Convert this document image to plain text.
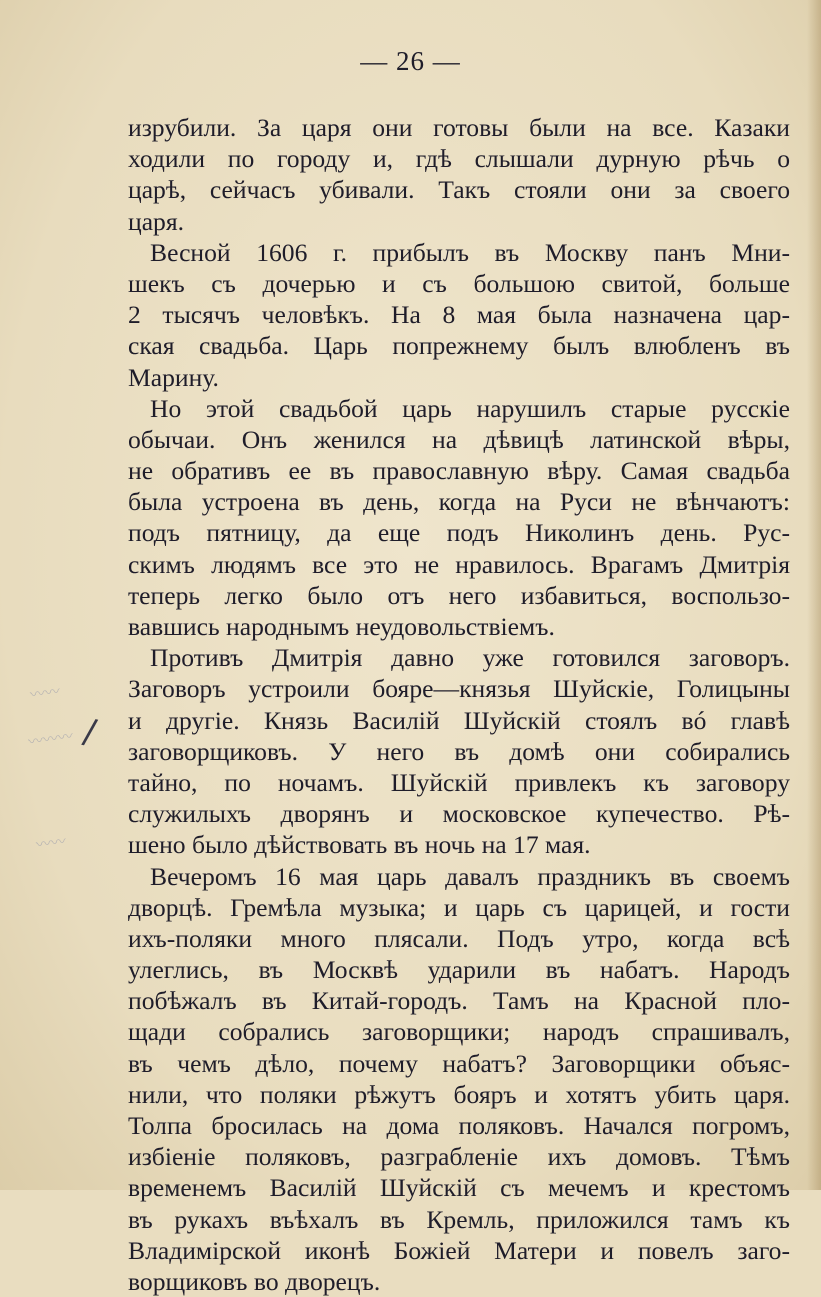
— 26 —
изрубили. За царя они готовы были на все. Казаки
ходили по городу и, гдѣ слышали дурную рѣчь о
царѣ, сейчасъ убивали. Такъ стояли они за своего
царя.
Весной 1606 г. прибылъ въ Москву панъ Мни-
шекъ съ дочерью и съ большою свитой, больше
2 тысячъ человѣкъ. На 8 мая была назначена цар-
ская свадьба. Царь попрежнему былъ влюбленъ въ
Марину.
Но этой свадьбой царь нарушилъ старые русскіе
обычаи. Онъ женился на дѣвицѣ латинской вѣры,
не обративъ ее въ православную вѣру. Самая свадьба
была устроена въ день, когда на Руси не вѣнчаютъ:
подъ пятницу, да еще подъ Николинъ день. Рус-
скимъ людямъ все это не нравилось. Врагамъ Дмитрія
теперь легко было отъ него избавиться, воспользо-
вавшись народнымъ неудовольствіемъ.
Противъ Дмитрія давно уже готовился заговоръ.
Заговоръ устроили бояре—князья Шуйскіе, Голицыны
и другіе. Князь Василій Шуйскій стоялъ вó главѣ
заговорщиковъ. У него въ домѣ они собирались
тайно, по ночамъ. Шуйскій привлекъ къ заговору
служилыхъ дворянъ и московское купечество. Рѣ-
шено было дѣйствовать въ ночь на 17 мая.
Вечеромъ 16 мая царь давалъ праздникъ въ своемъ
дворцѣ. Гремѣла музыка; и царь съ царицей, и гости
ихъ-поляки много плясали. Подъ утро, когда всѣ
улеглись, въ Москвѣ ударили въ набатъ. Народъ
побѣжалъ въ Китай-городъ. Тамъ на Красной пло-
щади собрались заговорщики; народъ спрашивалъ,
въ чемъ дѣло, почему набатъ? Заговорщики объяс-
нили, что поляки рѣжутъ бояръ и хотятъ убить царя.
Толпа бросилась на дома поляковъ. Начался погромъ,
избіеніе поляковъ, разграбленіе ихъ домовъ. Тѣмъ
временемъ Василій Шуйскій съ мечемъ и крестомъ
въ рукахъ въѣхалъ въ Кремль, приложился тамъ къ
Владимірской иконѣ Божіей Матери и повелъ заго-
ворщиковъ во дворецъ.
〰〰
〰〰〰
〰〰
/
